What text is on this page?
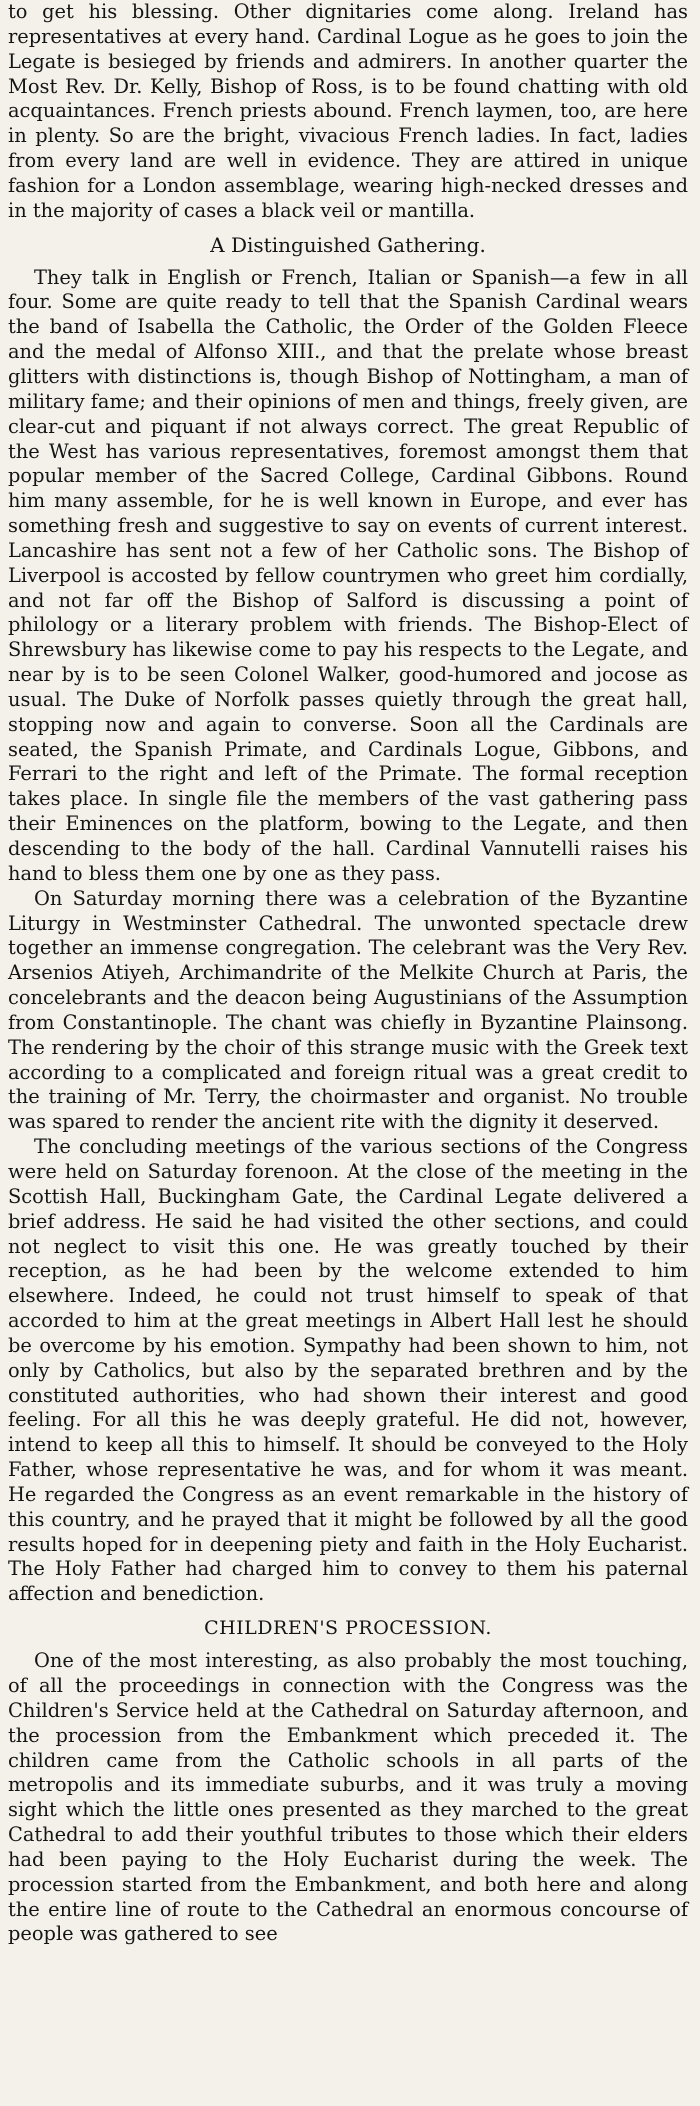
to get his blessing. Other dignitaries come along. Ireland has representatives at every hand. Cardinal Logue as he goes to join the Legate is besieged by friends and admirers. In another quarter the Most Rev. Dr. Kelly, Bishop of Ross, is to be found chatting with old acquaintances. French priests abound. French laymen, too, are here in plenty. So are the bright, vivacious French ladies. In fact, ladies from every land are well in evidence. They are attired in unique fashion for a London assemblage, wearing high-necked dresses and in the majority of cases a black veil or mantilla.

A Distinguished Gathering.

They talk in English or French, Italian or Spanish—a few in all four. Some are quite ready to tell that the Spanish Cardinal wears the band of Isabella the Catholic, the Order of the Golden Fleece and the medal of Alfonso XIII., and that the prelate whose breast glitters with distinctions is, though Bishop of Nottingham, a man of military fame; and their opinions of men and things, freely given, are clear-cut and piquant if not always correct. The great Republic of the West has various representatives, foremost amongst them that popular member of the Sacred College, Cardinal Gibbons. Round him many assemble, for he is well known in Europe, and ever has something fresh and suggestive to say on events of current interest. Lancashire has sent not a few of her Catholic sons. The Bishop of Liverpool is accosted by fellow countrymen who greet him cordially, and not far off the Bishop of Salford is discussing a point of philology or a literary problem with friends. The Bishop-Elect of Shrewsbury has likewise come to pay his respects to the Legate, and near by is to be seen Colonel Walker, good-humored and jocose as usual. The Duke of Norfolk passes quietly through the great hall, stopping now and again to converse. Soon all the Cardinals are seated, the Spanish Primate, and Cardinals Logue, Gibbons, and Ferrari to the right and left of the Primate. The formal reception takes place. In single file the members of the vast gathering pass their Eminences on the platform, bowing to the Legate, and then descending to the body of the hall. Cardinal Vannutelli raises his hand to bless them one by one as they pass.

On Saturday morning there was a celebration of the Byzantine Liturgy in Westminster Cathedral. The unwonted spectacle drew together an immense congregation. The celebrant was the Very Rev. Arsenios Atiyeh, Archimandrite of the Melkite Church at Paris, the concelebrants and the deacon being Augustinians of the Assumption from Constantinople. The chant was chiefly in Byzantine Plainsong. The rendering by the choir of this strange music with the Greek text according to a complicated and foreign ritual was a great credit to the training of Mr. Terry, the choirmaster and organist. No trouble was spared to render the ancient rite with the dignity it deserved.

The concluding meetings of the various sections of the Congress were held on Saturday forenoon. At the close of the meeting in the Scottish Hall, Buckingham Gate, the Cardinal Legate delivered a brief address. He said he had visited the other sections, and could not neglect to visit this one. He was greatly touched by their reception, as he had been by the welcome extended to him elsewhere. Indeed, he could not trust himself to speak of that accorded to him at the great meetings in Albert Hall lest he should be overcome by his emotion. Sympathy had been shown to him, not only by Catholics, but also by the separated brethren and by the constituted authorities, who had shown their interest and good feeling. For all this he was deeply grateful. He did not, however, intend to keep all this to himself. It should be conveyed to the Holy Father, whose representative he was, and for whom it was meant. He regarded the Congress as an event remarkable in the history of this country, and he prayed that it might be followed by all the good results hoped for in deepening piety and faith in the Holy Eucharist. The Holy Father had charged him to convey to them his paternal affection and benediction.

CHILDREN'S PROCESSION.

One of the most interesting, as also probably the most touching, of all the proceedings in connection with the Congress was the Children's Service held at the Cathedral on Saturday afternoon, and the procession from the Embankment which preceded it. The children came from the Catholic schools in all parts of the metropolis and its immediate suburbs, and it was truly a moving sight which the little ones presented as they marched to the great Cathedral to add their youthful tributes to those which their elders had been paying to the Holy Eucharist during the week. The procession started from the Embankment, and both here and along the entire line of route to the Cathedral an enormous concourse of people was gathered to see
